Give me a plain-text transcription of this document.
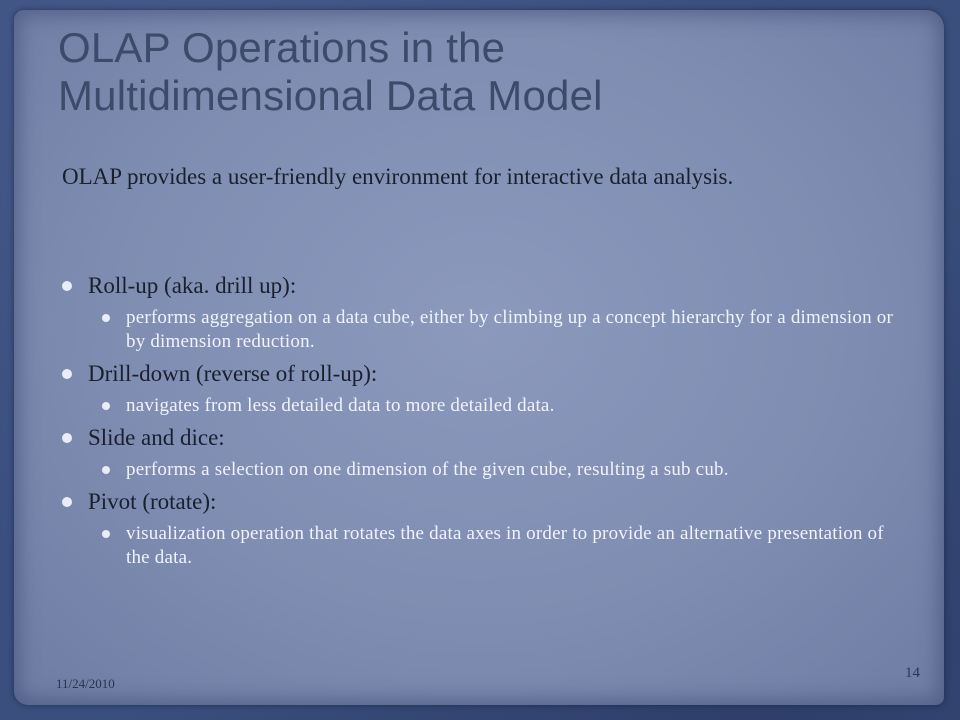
OLAP Operations in the
Multidimensional Data Model

OLAP provides a user-friendly environment for interactive data analysis.

Roll-up (aka. drill up):
performs aggregation on a data cube, either by climbing up a concept hierarchy for a dimension or by dimension reduction.
Drill-down (reverse of roll-up):
navigates from less detailed data to more detailed data.
Slide and dice:
performs a selection on one dimension of the given cube, resulting a sub cub.
Pivot (rotate):
visualization operation that rotates the data axes in order to provide an alternative presentation of the data.
11/24/2010
14
